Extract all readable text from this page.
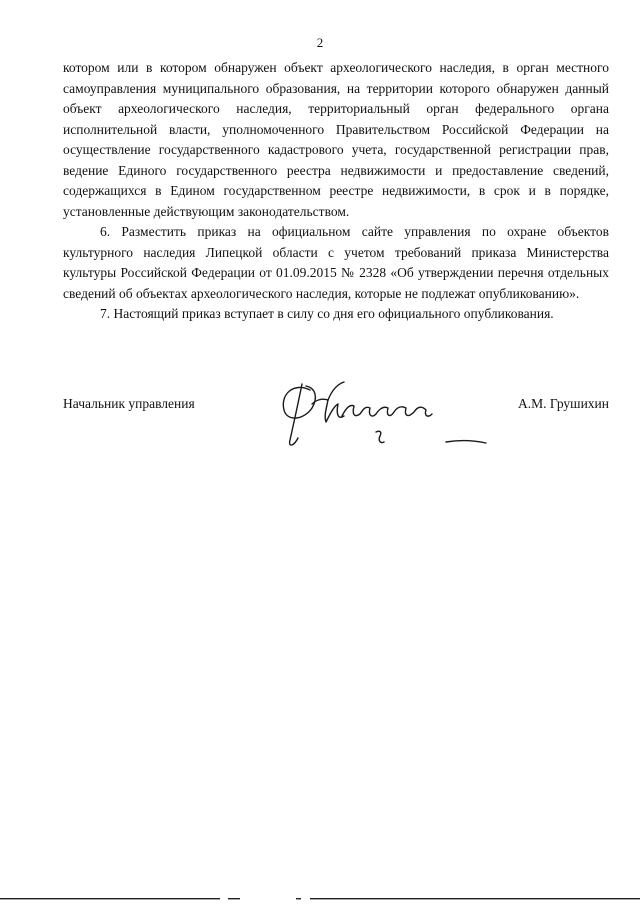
2

котором или в котором обнаружен объект археологического наследия, в орган местного самоуправления муниципального образования, на территории которого обнаружен данный объект археологического наследия, территориальный орган федерального органа исполнительной власти, уполномоченного Правительством Российской Федерации на осуществление государственного кадастрового учета, государственной регистрации прав, ведение Единого государственного реестра недвижимости и предоставление сведений, содержащихся в Едином государственном реестре недвижимости, в срок и в порядке, установленные действующим законодательством.

6. Разместить приказ на официальном сайте управления по охране объектов культурного наследия Липецкой области с учетом требований приказа Министерства культуры Российской Федерации от 01.09.2015 № 2328 «Об утверждении перечня отдельных сведений об объектах археологического наследия, которые не подлежат опубликованию».

7. Настоящий приказ вступает в силу со дня его официального опубликования.

Начальник управления	А.М. Грушихин
